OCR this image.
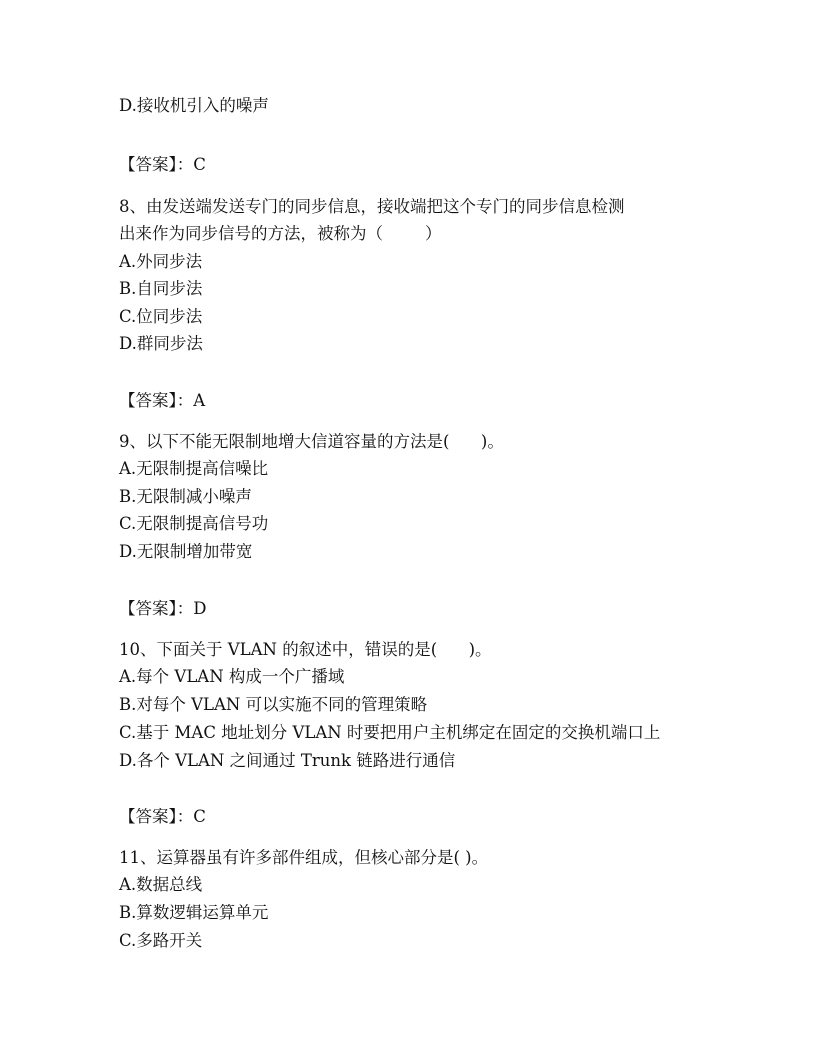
D.接收机引入的噪声
【答案】：C
8、由发送端发送专门的同步信息，接收端把这个专门的同步信息检测
出来作为同步信号的方法，被称为（        ）
A.外同步法
B.自同步法
C.位同步法
D.群同步法
【答案】：A
9、以下不能无限制地增大信道容量的方法是(      )。
A.无限制提高信噪比
B.无限制减小噪声
C.无限制提高信号功
D.无限制增加带宽
【答案】：D
10、下面关于 VLAN 的叙述中，错误的是(      )。
A.每个 VLAN 构成一个广播域
B.对每个 VLAN 可以实施不同的管理策略
C.基于 MAC 地址划分 VLAN 时要把用户主机绑定在固定的交换机端口上
D.各个 VLAN 之间通过 Trunk 链路进行通信
【答案】：C
11、运算器虽有许多部件组成，但核心部分是( )。
A.数据总线
B.算数逻辑运算单元
C.多路开关
